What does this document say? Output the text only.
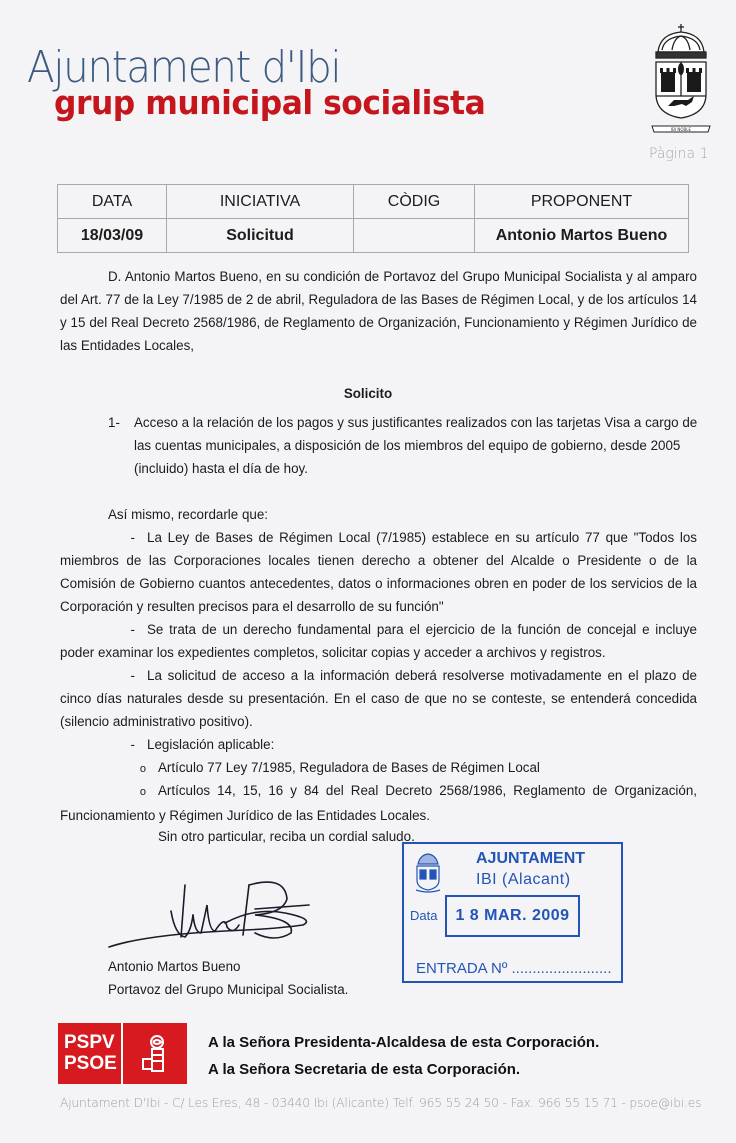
Ajuntament d'Ibi
grup municipal socialista
IBI NOBLE
Pàgina 1
DATA	INICIATIVA	CÒDIG	PROPONENT
18/03/09	Solicitud		Antonio Martos Bueno
D. Antonio Martos Bueno, en su condición de Portavoz del Grupo Municipal Socialista y al amparo del Art. 77 de la Ley 7/1985 de 2 de abril, Reguladora de las Bases de Régimen Local, y de los artículos 14 y 15 del Real Decreto 2568/1986, de Reglamento de Organización, Funcionamiento y Régimen Jurídico de las Entidades Locales,
Solicito
1- Acceso a la relación de los pagos y sus justificantes realizados con las tarjetas Visa a cargo de las cuentas municipales, a disposición de los miembros del equipo de gobierno, desde 2005 (incluido) hasta el día de hoy.
Así mismo, recordarle que:
- La Ley de Bases de Régimen Local (7/1985) establece en su artículo 77 que "Todos los miembros de las Corporaciones locales tienen derecho a obtener del Alcalde o Presidente o de la Comisión de Gobierno cuantos antecedentes, datos o informaciones obren en poder de los servicios de la Corporación y resulten precisos para el desarrollo de su función"
- Se trata de un derecho fundamental para el ejercicio de la función de concejal e incluye poder examinar los expedientes completos, solicitar copias y acceder a archivos y registros.
- La solicitud de acceso a la información deberá resolverse motivadamente en el plazo de cinco días naturales desde su presentación. En el caso de que no se conteste, se entenderá concedida (silencio administrativo positivo).
- Legislación aplicable:
o Artículo 77 Ley 7/1985, Reguladora de Bases de Régimen Local
o Artículos 14, 15, 16 y 84 del Real Decreto 2568/1986, Reglamento de Organización, Funcionamiento y Régimen Jurídico de las Entidades Locales.
Sin otro particular, reciba un cordial saludo.
Antonio Martos Bueno
Portavoz del Grupo Municipal Socialista.
AJUNTAMENT
IBI (Alacant)
Data	1 8 MAR. 2009
ENTRADA Nº ........................
PSPV
PSOE
A la Señora Presidenta-Alcaldesa de esta Corporación.
A la Señora Secretaria de esta Corporación.
Ajuntament D'Ibi - C/ Les Eres, 48 - 03440 Ibi (Alicante) Telf. 965 55 24 50 - Fax. 966 55 15 71 - psoe@ibi.es
